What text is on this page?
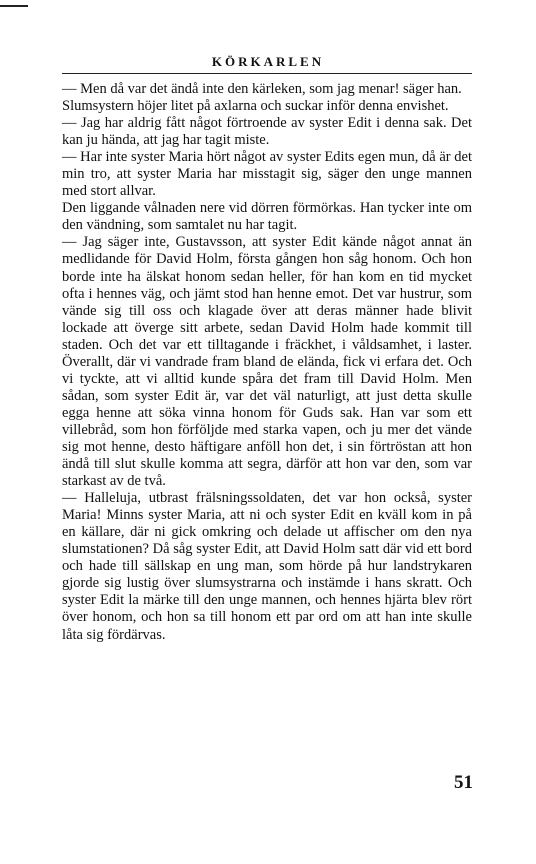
KÖRKARLEN

— Men då var det ändå inte den kärleken, som jag menar! säger han.

Slumsystern höjer litet på axlarna och suckar inför denna envishet.

— Jag har aldrig fått något förtroende av syster Edit i denna sak. Det kan ju hända, att jag har tagit miste.

— Har inte syster Maria hört något av syster Edits egen mun, då är det min tro, att syster Maria har misstagit sig, säger den unge mannen med stort allvar.

Den liggande vålnaden nere vid dörren förmörkas. Han tycker inte om den vändning, som samtalet nu har tagit.

— Jag säger inte, Gustavsson, att syster Edit kände något annat än medlidande för David Holm, första gången hon såg honom. Och hon borde inte ha älskat honom sedan heller, för han kom en tid mycket ofta i hennes väg, och jämt stod han henne emot. Det var hustrur, som vände sig till oss och klagade över att deras männer hade blivit lockade att överge sitt arbete, sedan David Holm hade kommit till staden. Och det var ett tilltagande i fräckhet, i våldsamhet, i laster. Överallt, där vi vandrade fram bland de elända, fick vi erfara det. Och vi tyckte, att vi alltid kunde spåra det fram till David Holm. Men sådan, som syster Edit är, var det väl naturligt, att just detta skulle egga henne att söka vinna honom för Guds sak. Han var som ett villebråd, som hon förföljde med starka vapen, och ju mer det vände sig mot henne, desto häftigare anföll hon det, i sin förtröstan att hon ändå till slut skulle komma att segra, därför att hon var den, som var starkast av de två.

— Halleluja, utbrast frälsningssoldaten, det var hon också, syster Maria! Minns syster Maria, att ni och syster Edit en kväll kom in på en källare, där ni gick omkring och delade ut affischer om den nya slumstationen? Då såg syster Edit, att David Holm satt där vid ett bord och hade till sällskap en ung man, som hörde på hur landstrykaren gjorde sig lustig över slumsystrarna och instämde i hans skratt. Och syster Edit la märke till den unge mannen, och hennes hjärta blev rört över honom, och hon sa till honom ett par ord om att han inte skulle låta sig fördärvas.

51
